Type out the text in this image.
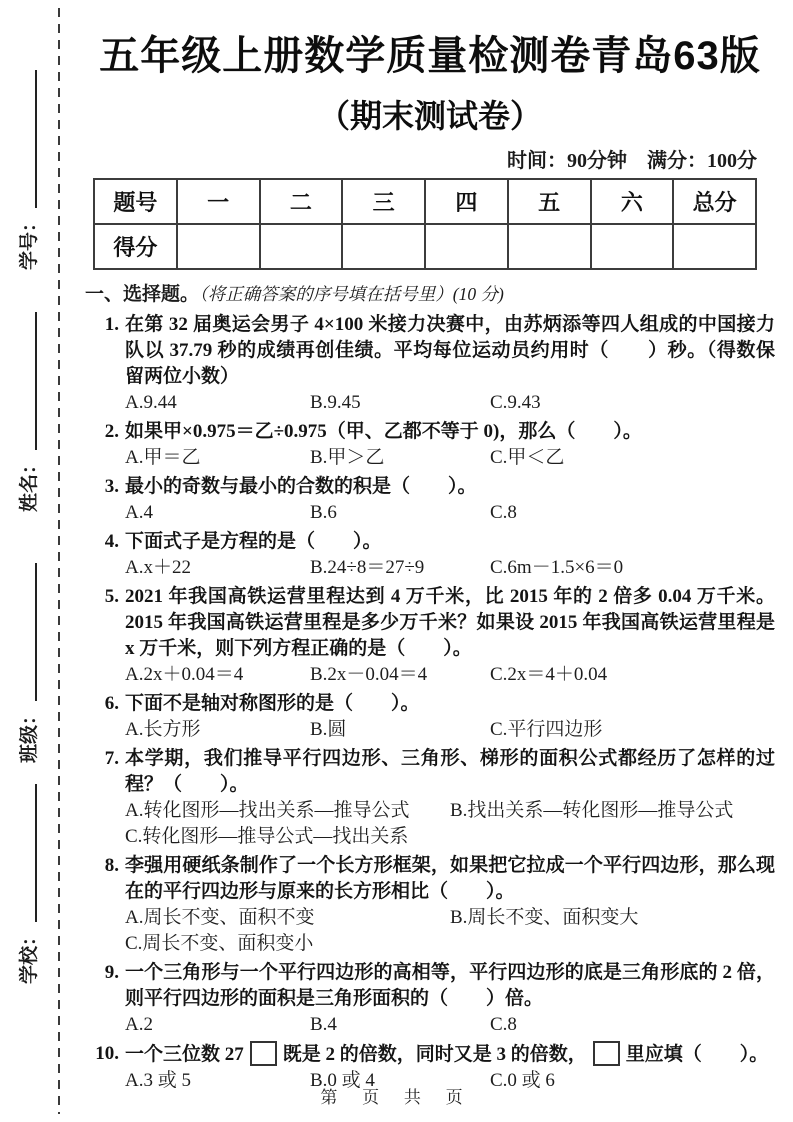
学号：
姓名：
班级：
学校：
五年级上册数学质量检测卷青岛63版
（期末测试卷）
时间：90分钟　满分：100分
题号	一	二	三	四	五	六	总分
得分							
一、选择题。（将正确答案的序号填在括号里）(10 分)
1. 在第 32 届奥运会男子 4×100 米接力决赛中，由苏炳添等四人组成的中国接力队以 37.79 秒的成绩再创佳绩。平均每位运动员约用时（　　）秒。（得数保留两位小数）
A.9.44	B.9.45	C.9.43
2. 如果甲×0.975＝乙÷0.975（甲、乙都不等于 0)，那么（　　）。
A.甲＝乙	B.甲＞乙	C.甲＜乙
3. 最小的奇数与最小的合数的积是（　　）。
A.4	B.6	C.8
4. 下面式子是方程的是（　　）。
A.x＋22	B.24÷8＝27÷9	C.6m－1.5×6＝0
5. 2021 年我国高铁运营里程达到 4 万千米，比 2015 年的 2 倍多 0.04 万千米。2015 年我国高铁运营里程是多少万千米？如果设 2015 年我国高铁运营里程是 x 万千米，则下列方程正确的是（　　）。
A.2x＋0.04＝4	B.2x－0.04＝4	C.2x＝4＋0.04
6. 下面不是轴对称图形的是（　　）。
A.长方形	B.圆	C.平行四边形
7. 本学期，我们推导平行四边形、三角形、梯形的面积公式都经历了怎样的过程？（　　）。
A.转化图形—找出关系—推导公式	B.找出关系—转化图形—推导公式
C.转化图形—推导公式—找出关系
8. 李强用硬纸条制作了一个长方形框架，如果把它拉成一个平行四边形，那么现在的平行四边形与原来的长方形相比（　　）。
A.周长不变、面积不变	B.周长不变、面积变大
C.周长不变、面积变小
9. 一个三角形与一个平行四边形的高相等，平行四边形的底是三角形底的 2 倍，则平行四边形的面积是三角形面积的（　　）倍。
A.2	B.4	C.8
10. 一个三位数 27 既是 2 的倍数，同时又是 3 的倍数， 里应填（　　）。
A.3 或 5	B.0 或 4	C.0 或 6
第 页 共 页
